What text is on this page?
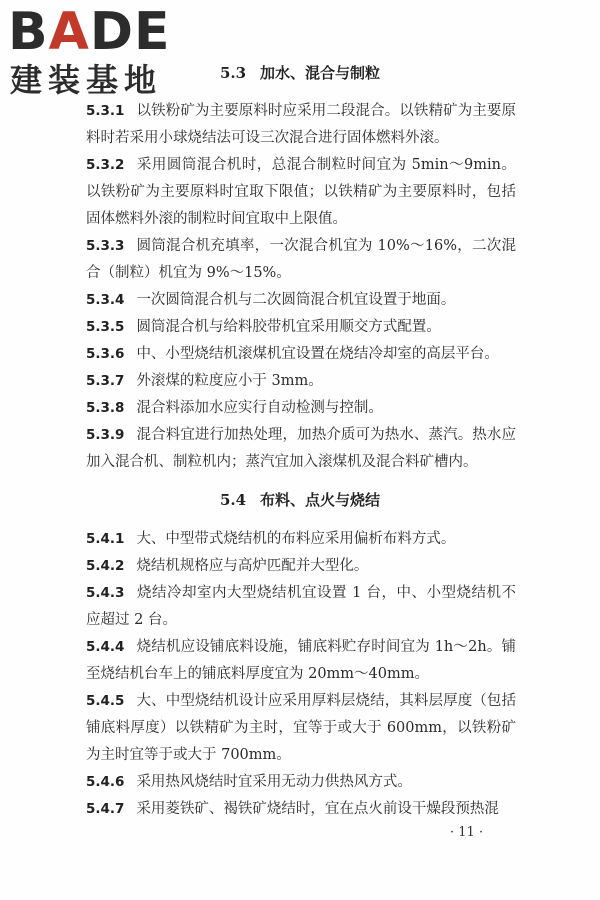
BADE
建装基地	5.3 加水、混合与制粒
5.3.1 以铁粉矿为主要原料时应采用二段混合。以铁精矿为主要原料时若采用小球烧结法可设三次混合进行固体燃料外滚。
5.3.2 采用圆筒混合机时，总混合制粒时间宜为 5min～9min。以铁粉矿为主要原料时宜取下限值；以铁精矿为主要原料时，包括固体燃料外滚的制粒时间宜取中上限值。
5.3.3 圆筒混合机充填率，一次混合机宜为 10%～16%，二次混合（制粒）机宜为 9%～15%。
5.3.4 一次圆筒混合机与二次圆筒混合机宜设置于地面。
5.3.5 圆筒混合机与给料胶带机宜采用顺交方式配置。
5.3.6 中、小型烧结机滚煤机宜设置在烧结冷却室的高层平台。
5.3.7 外滚煤的粒度应小于 3mm。
5.3.8 混合料添加水应实行自动检测与控制。
5.3.9 混合料宜进行加热处理，加热介质可为热水、蒸汽。热水应加入混合机、制粒机内；蒸汽宜加入滚煤机及混合料矿槽内。
5.4 布料、点火与烧结
5.4.1 大、中型带式烧结机的布料应采用偏析布料方式。
5.4.2 烧结机规格应与高炉匹配并大型化。
5.4.3 烧结冷却室内大型烧结机宜设置 1 台，中、小型烧结机不应超过 2 台。
5.4.4 烧结机应设铺底料设施，铺底料贮存时间宜为 1h～2h。铺至烧结机台车上的铺底料厚度宜为 20mm～40mm。
5.4.5 大、中型烧结机设计应采用厚料层烧结，其料层厚度（包括铺底料厚度）以铁精矿为主时，宜等于或大于 600mm，以铁粉矿为主时宜等于或大于 700mm。
5.4.6 采用热风烧结时宜采用无动力供热风方式。
5.4.7 采用菱铁矿、褐铁矿烧结时，宜在点火前设干燥段预热混
· 11 ·
